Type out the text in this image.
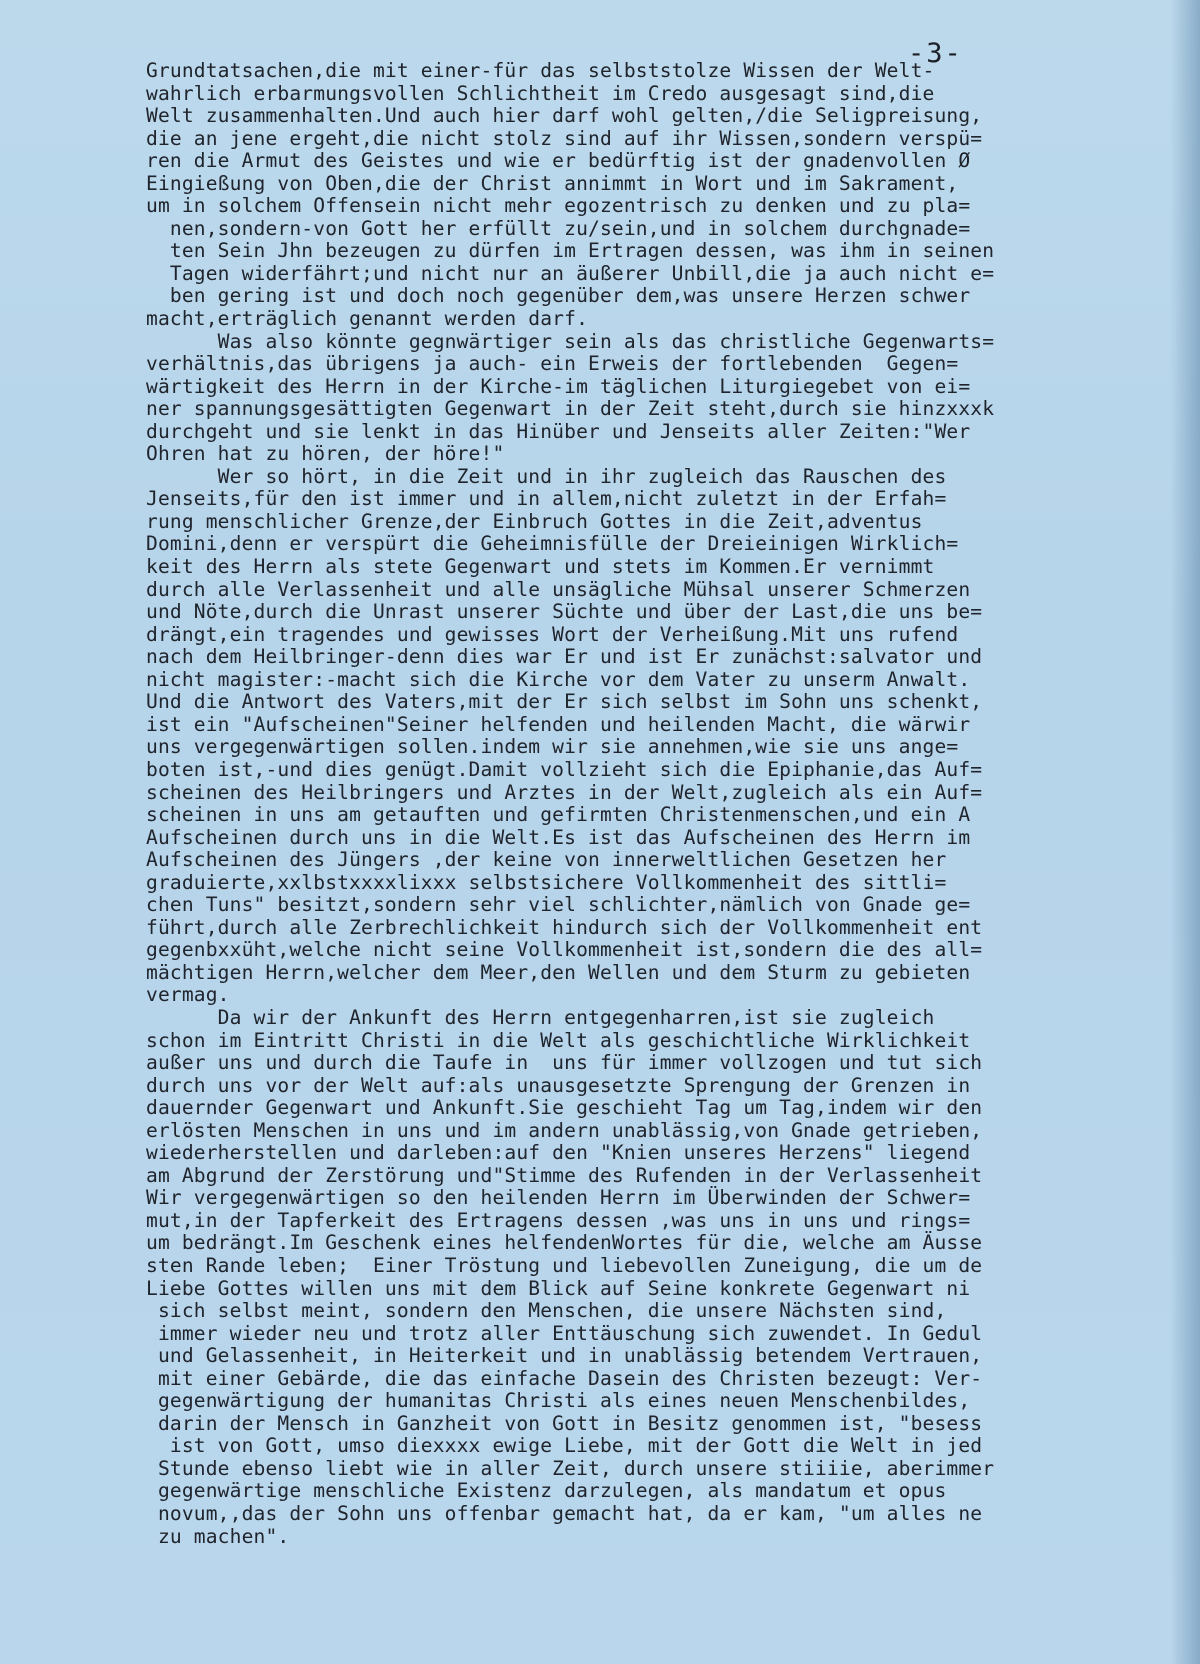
-3-
Grundtatsachen,die mit einer-für das selbststolze Wissen der Welt-
wahrlich erbarmungsvollen Schlichtheit im Credo ausgesagt sind,die
Welt zusammenhalten.Und auch hier darf wohl gelten,/die Seligpreisung,
die an jene ergeht,die nicht stolz sind auf ihr Wissen,sondern verspü=
ren die Armut des Geistes und wie er bedürftig ist der gnadenvollen Ø
Eingießung von Oben,die der Christ annimmt in Wort und im Sakrament,
um in solchem Offensein nicht mehr egozentrisch zu denken und zu pla=
nen,sondern-von Gott her erfüllt zu/sein,und in solchem durchgnade=
ten Sein Jhn bezeugen zu dürfen im Ertragen dessen, was ihm in seinen
Tagen widerfährt;und nicht nur an äußerer Unbill,die ja auch nicht e=
ben gering ist und doch noch gegenüber dem,was unsere Herzen schwer
macht,erträglich genannt werden darf.
Was also könnte gegnwärtiger sein als das christliche Gegenwarts=
verhältnis,das übrigens ja auch- ein Erweis der fortlebenden  Gegen=
wärtigkeit des Herrn in der Kirche-im täglichen Liturgiegebet von ei=
ner spannungsgesättigten Gegenwart in der Zeit steht,durch sie hinzxxxk
durchgeht und sie lenkt in das Hinüber und Jenseits aller Zeiten:"Wer
Ohren hat zu hören, der höre!"
Wer so hört, in die Zeit und in ihr zugleich das Rauschen des
Jenseits,für den ist immer und in allem,nicht zuletzt in der Erfah=
rung menschlicher Grenze,der Einbruch Gottes in die Zeit,adventus
Domini,denn er verspürt die Geheimnisfülle der Dreieinigen Wirklich=
keit des Herrn als stete Gegenwart und stets im Kommen.Er vernimmt
durch alle Verlassenheit und alle unsägliche Mühsal unserer Schmerzen
und Nöte,durch die Unrast unserer Süchte und über der Last,die uns be=
drängt,ein tragendes und gewisses Wort der Verheißung.Mit uns rufend
nach dem Heilbringer-denn dies war Er und ist Er zunächst:salvator und
nicht magister:-macht sich die Kirche vor dem Vater zu unserm Anwalt.
Und die Antwort des Vaters,mit der Er sich selbst im Sohn uns schenkt,
ist ein "Aufscheinen"Seiner helfenden und heilenden Macht, die wärwir
uns vergegenwärtigen sollen.indem wir sie annehmen,wie sie uns ange=
boten ist,-und dies genügt.Damit vollzieht sich die Epiphanie,das Auf=
scheinen des Heilbringers und Arztes in der Welt,zugleich als ein Auf=
scheinen in uns am getauften und gefirmten Christenmenschen,und ein A
Aufscheinen durch uns in die Welt.Es ist das Aufscheinen des Herrn im
Aufscheinen des Jüngers ,der keine von innerweltlichen Gesetzen her
graduierte,xxlbstxxxxlixxx selbstsichere Vollkommenheit des sittli=
chen Tuns" besitzt,sondern sehr viel schlichter,nämlich von Gnade ge=
führt,durch alle Zerbrechlichkeit hindurch sich der Vollkommenheit ent
gegenbxxüht,welche nicht seine Vollkommenheit ist,sondern die des all=
mächtigen Herrn,welcher dem Meer,den Wellen und dem Sturm zu gebieten
vermag.
Da wir der Ankunft des Herrn entgegenharren,ist sie zugleich
schon im Eintritt Christi in die Welt als geschichtliche Wirklichkeit
außer uns und durch die Taufe in  uns für immer vollzogen und tut sich
durch uns vor der Welt auf:als unausgesetzte Sprengung der Grenzen in
dauernder Gegenwart und Ankunft.Sie geschieht Tag um Tag,indem wir den
erlösten Menschen in uns und im andern unablässig,von Gnade getrieben,
wiederherstellen und darleben:auf den "Knien unseres Herzens" liegend
am Abgrund der Zerstörung und"Stimme des Rufenden in der Verlassenheit
Wir vergegenwärtigen so den heilenden Herrn im Überwinden der Schwer=
mut,in der Tapferkeit des Ertragens dessen ,was uns in uns und rings=
um bedrängt.Im Geschenk eines helfendenWortes für die, welche am Äusse
sten Rande leben;  Einer Tröstung und liebevollen Zuneigung, die um de
Liebe Gottes willen uns mit dem Blick auf Seine konkrete Gegenwart ni
sich selbst meint, sondern den Menschen, die unsere Nächsten sind,
immer wieder neu und trotz aller Enttäuschung sich zuwendet. In Gedul
und Gelassenheit, in Heiterkeit und in unablässig betendem Vertrauen,
mit einer Gebärde, die das einfache Dasein des Christen bezeugt: Ver-
gegenwärtigung der humanitas Christi als eines neuen Menschenbildes,
darin der Mensch in Ganzheit von Gott in Besitz genommen ist, "besess
ist von Gott, umso diexxxx ewige Liebe, mit der Gott die Welt in jed
Stunde ebenso liebt wie in aller Zeit, durch unsere stiiiie, aberimmer
gegenwärtige menschliche Existenz darzulegen, als mandatum et opus
novum,,das der Sohn uns offenbar gemacht hat, da er kam, "um alles ne
zu machen".
